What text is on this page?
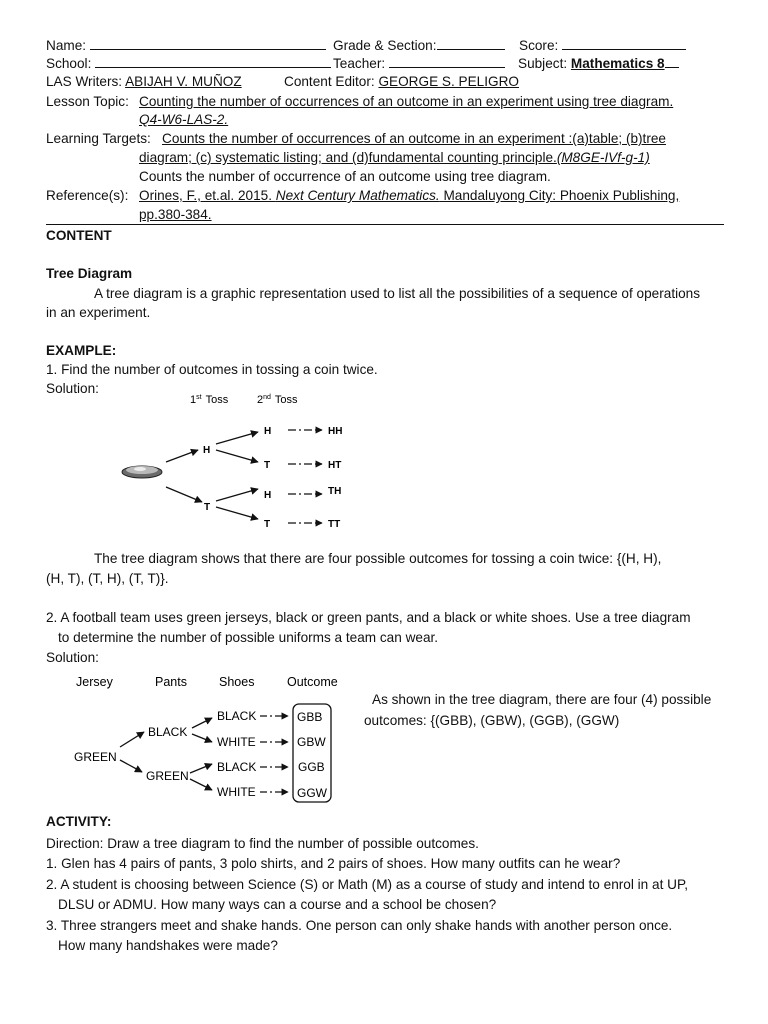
Name:	Grade & Section:	Score:
School:	Teacher:	Subject: Mathematics 8
LAS Writers: ABIJAH V. MUÑOZ	Content Editor: GEORGE S. PELIGRO
Lesson Topic: Counting the number of occurrences of an outcome in an experiment using tree diagram.
Q4-W6-LAS-2.
Learning Targets: Counts the number of occurrences of an outcome in an experiment :(a)table; (b)tree
diagram; (c) systematic listing; and (d)fundamental counting principle.(M8GE-IVf-g-1)
Counts the number of occurrence of an outcome using tree diagram.
Reference(s): Orines, F., et.al. 2015. Next Century Mathematics. Mandaluyong City: Phoenix Publishing,
pp.380-384.
CONTENT
Tree Diagram
A tree diagram is a graphic representation used to list all the possibilities of a sequence of operations
in an experiment.
EXAMPLE:
1. Find the number of outcomes in tossing a coin twice.
Solution:
1st Toss	2nd Toss
H
T
H
T
H
T
HH
HT
TH
TT
The tree diagram shows that there are four possible outcomes for tossing a coin twice: {(H, H),
(H, T), (T, H), (T, T)}.
2. A football team uses green jerseys, black or green pants, and a black or white shoes. Use a tree diagram
to determine the number of possible uniforms a team can wear.
Solution:
Jersey	Pants	Shoes	Outcome
GREEN
BLACK
GREEN
BLACK
WHITE
BLACK
WHITE
GBB
GBW
GGB
GGW
As shown in the tree diagram, there are four (4) possible
outcomes: {(GBB), (GBW), (GGB), (GGW)
ACTIVITY:
Direction: Draw a tree diagram to find the number of possible outcomes.
1. Glen has 4 pairs of pants, 3 polo shirts, and 2 pairs of shoes. How many outfits can he wear?
2. A student is choosing between Science (S) or Math (M) as a course of study and intend to enrol in at UP,
DLSU or ADMU. How many ways can a course and a school be chosen?
3. Three strangers meet and shake hands. One person can only shake hands with another person once.
How many handshakes were made?
